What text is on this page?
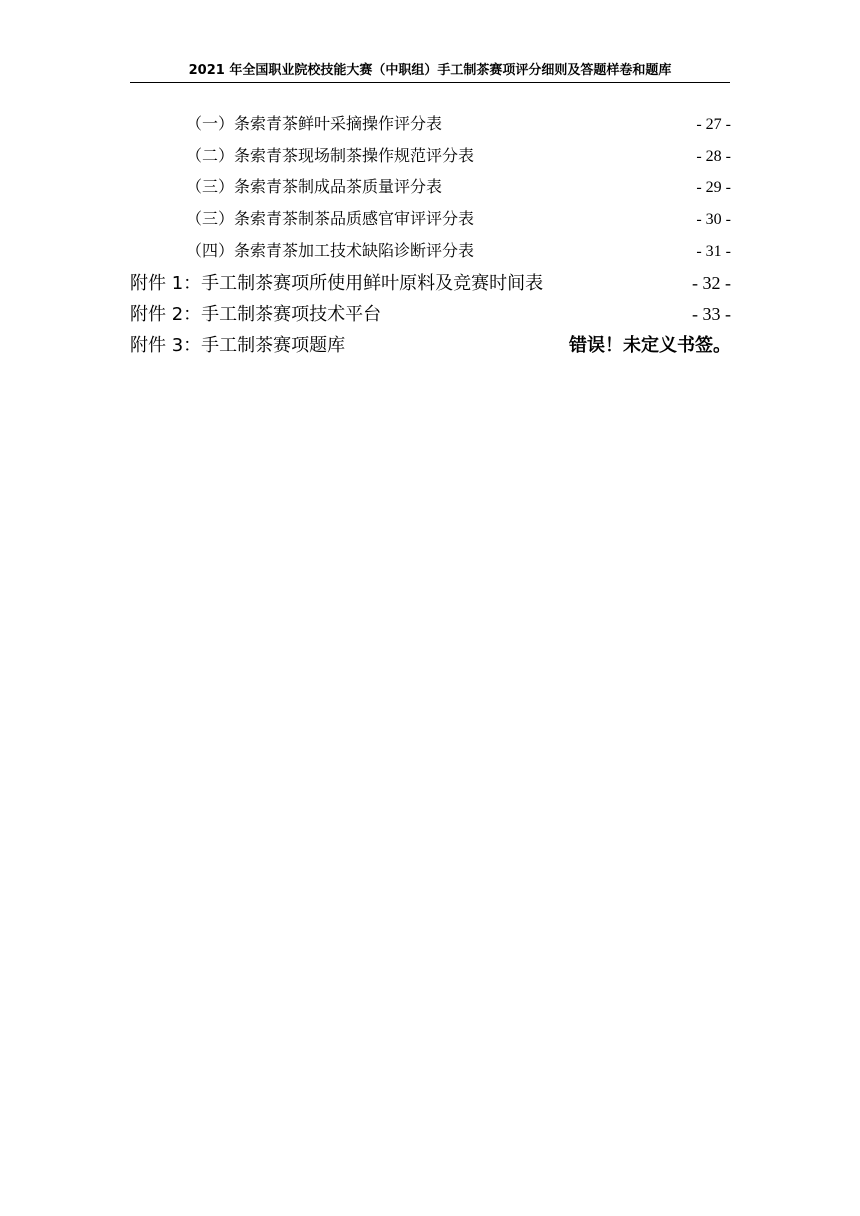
2021 年全国职业院校技能大赛（中职组）手工制茶赛项评分细则及答题样卷和题库
（一）条索青茶鲜叶采摘操作评分表	- 27 -
（二）条索青茶现场制茶操作规范评分表	- 28 -
（三）条索青茶制成品茶质量评分表	- 29 -
（三）条索青茶制茶品质感官审评评分表	- 30 -
（四）条索青茶加工技术缺陷诊断评分表	- 31 -
附件 1：手工制茶赛项所使用鲜叶原料及竞赛时间表	- 32 -
附件 2：手工制茶赛项技术平台	- 33 -
附件 3：手工制茶赛项题库	错误！未定义书签。
